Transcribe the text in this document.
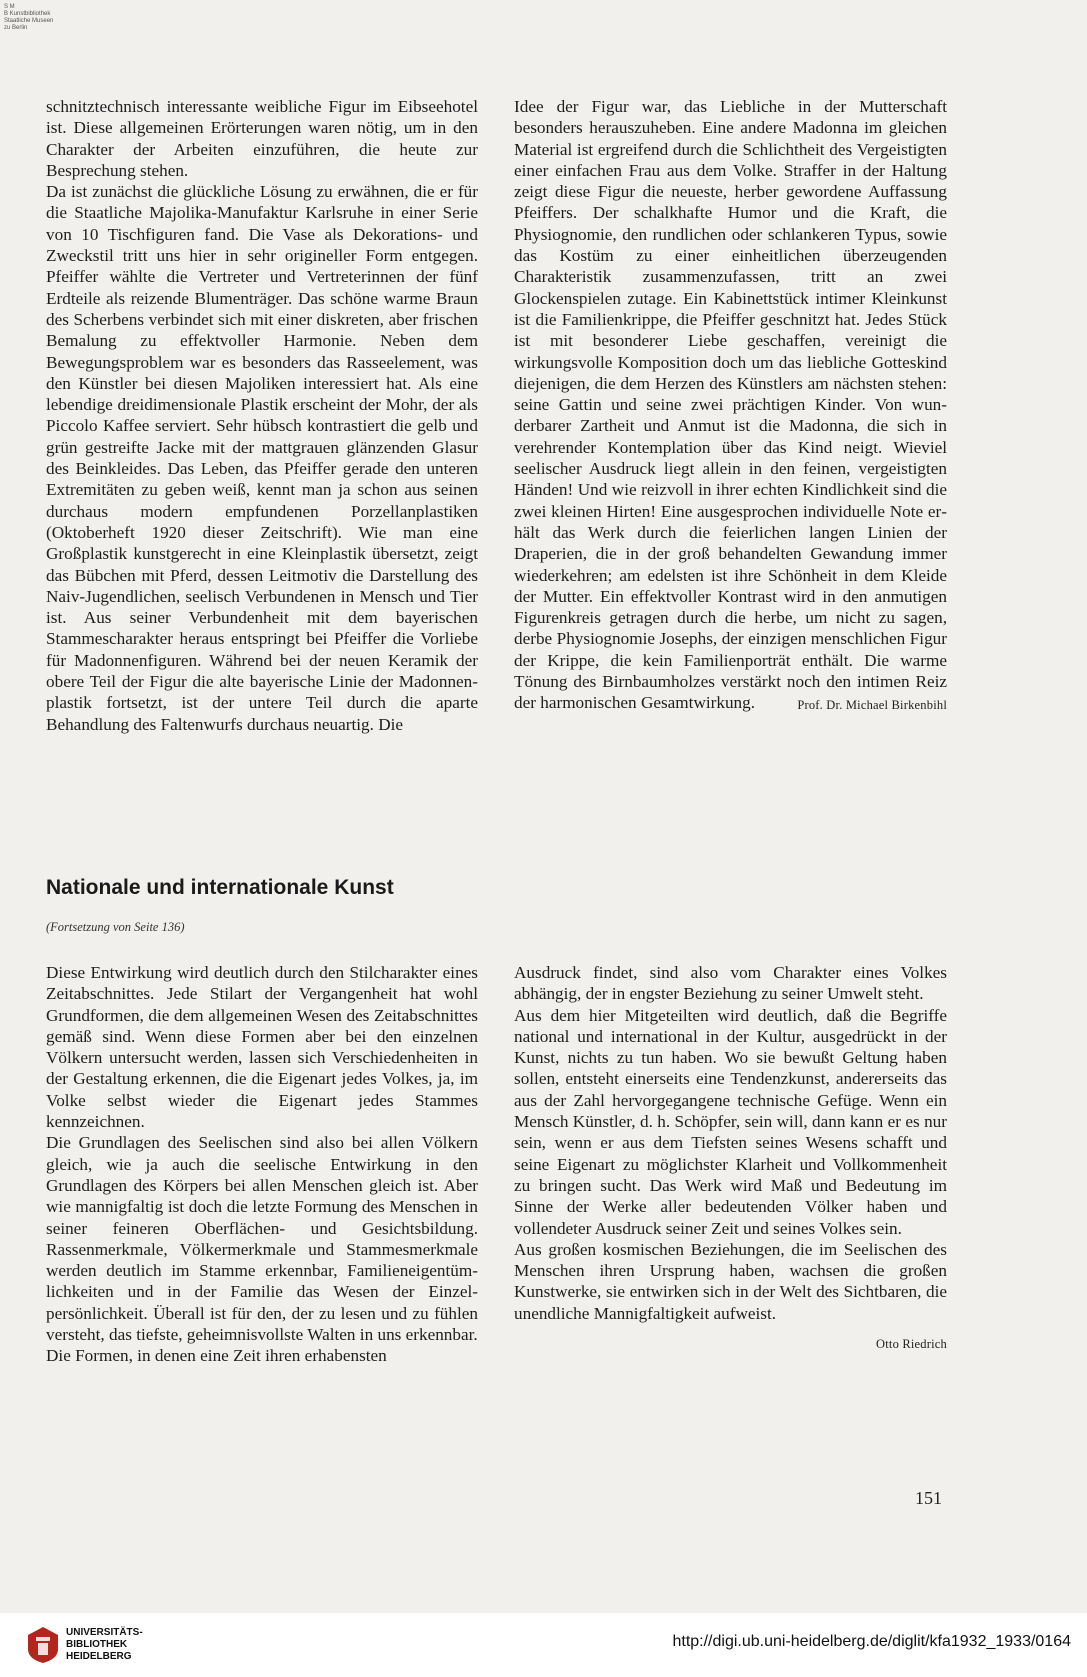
S M
B Kunstbibliothek
Staatliche Museen
zu Berlin

schnitztechnisch interessante weibliche Figur im Eibseehotel ist. Diese allgemeinen Erörterungen waren nötig, um in den Charakter der Arbeiten einzuführen, die heute zur Besprechung stehen.

Da ist zunächst die glückliche Lösung zu erwähnen, die er für die Staatliche Majolika-Manufaktur Karlsruhe in einer Serie von 10 Tischfiguren fand. Die Vase als Dekorations- und Zweckstil tritt uns hier in sehr origineller Form entgegen. Pfeiffer wählte die Vertreter und Vertreterinnen der fünf Erdteile als reizende Blumenträger. Das schöne warme Braun des Scherbens verbindet sich mit einer diskreten, aber frischen Bemalung zu effektvoller Harmonie. Neben dem Bewegungsproblem war es besonders das Rasseelement, was den Künstler bei diesen Majoliken interessiert hat. Als eine lebendige dreidimensionale Plastik erscheint der Mohr, der als Piccolo Kaffee serviert. Sehr hübsch kontrastiert die gelb und grün gestreifte Jacke mit der mattgrauen glänzenden Glasur des Beinkleides. Das Leben, das Pfeiffer gerade den unteren Extremitäten zu geben weiß, kennt man ja schon aus seinen durchaus modern empfundenen Porzellanplastiken (Oktoberheft 1920 dieser Zeitschrift). Wie man eine Großplastik kunstgerecht in eine Kleinplastik übersetzt, zeigt das Bübchen mit Pferd, dessen Leitmotiv die Darstellung des Naiv-Jugendlichen, seelisch Verbundenen in Mensch und Tier ist. Aus seiner Verbundenheit mit dem bayerischen Stammescharakter heraus entspringt bei Pfeiffer die Vorliebe für Madonnenfiguren. Während bei der neuen Keramik der obere Teil der Figur die alte bayerische Linie der Madonnenplastik fortsetzt, ist der untere Teil durch die aparte Behandlung des Faltenwurfs durchaus neuartig. Die

Idee der Figur war, das Liebliche in der Mutterschaft besonders herauszuheben. Eine andere Madonna im gleichen Material ist ergreifend durch die Schlichtheit des Vergeistigten einer einfachen Frau aus dem Volke. Straffer in der Haltung zeigt diese Figur die neueste, herber gewordene Auffassung Pfeiffers. Der schalkhafte Humor und die Kraft, die Physiognomie, den rundlichen oder schlankeren Typus, sowie das Kostüm zu einer einheitlichen überzeugenden Charakteristik zusammenzufassen, tritt an zwei Glockenspielen zutage. Ein Kabinettstück intimer Kleinkunst ist die Familienkrippe, die Pfeiffer geschnitzt hat. Jedes Stück ist mit besonderer Liebe geschaffen, vereinigt die wirkungsvolle Komposition doch um das liebliche Gotteskind diejenigen, die dem Herzen des Künstlers am nächsten stehen: seine Gattin und seine zwei prächtigen Kinder. Von wunderbarer Zartheit und Anmut ist die Madonna, die sich in verehrender Kontemplation über das Kind neigt. Wieviel seelischer Ausdruck liegt allein in den feinen, vergeistigten Händen! Und wie reizvoll in ihrer echten Kindlichkeit sind die zwei kleinen Hirten! Eine ausgesprochen individuelle Note erhält das Werk durch die feierlichen langen Linien der Draperien, die in der groß behandelten Gewandung immer wiederkehren; am edelsten ist ihre Schönheit in dem Kleide der Mutter. Ein effektvoller Kontrast wird in den anmutigen Figurenkreis getragen durch die herbe, um nicht zu sagen, derbe Physiognomie Josephs, der einzigen menschlichen Figur der Krippe, die kein Familienporträt enthält. Die warme Tönung des Birnbaumholzes verstärkt noch den intimen Reiz der harmonischen Gesamtwirkung.	Prof. Dr. Michael Birkenbihl

Nationale und internationale Kunst

(Fortsetzung von Seite 136)

Diese Entwirkung wird deutlich durch den Stilcharakter eines Zeitabschnittes. Jede Stilart der Vergangenheit hat wohl Grundformen, die dem allgemeinen Wesen des Zeitabschnittes gemäß sind. Wenn diese Formen aber bei den einzelnen Völkern untersucht werden, lassen sich Verschiedenheiten in der Gestaltung erkennen, die die Eigenart jedes Volkes, ja, im Volke selbst wieder die Eigenart jedes Stammes kennzeichnen.

Die Grundlagen des Seelischen sind also bei allen Völkern gleich, wie ja auch die seelische Entwirkung in den Grundlagen des Körpers bei allen Menschen gleich ist. Aber wie mannigfaltig ist doch die letzte Formung des Menschen in seiner feineren Oberflächen- und Gesichtsbildung. Rassenmerkmale, Völkermerkmale und Stammesmerkmale werden deutlich im Stamme erkennbar, Familieneigentümlichkeiten und in der Familie das Wesen der Einzelpersönlichkeit. Überall ist für den, der zu lesen und zu fühlen versteht, das tiefste, geheimnisvollste Walten in uns erkennbar.

Die Formen, in denen eine Zeit ihren erhabensten

Ausdruck findet, sind also vom Charakter eines Volkes abhängig, der in engster Beziehung zu seiner Umwelt steht.

Aus dem hier Mitgeteilten wird deutlich, daß die Begriffe national und international in der Kultur, ausgedrückt in der Kunst, nichts zu tun haben. Wo sie bewußt Geltung haben sollen, entsteht einerseits eine Tendenzkunst, andererseits das aus der Zahl hervorgegangene technische Gefüge. Wenn ein Mensch Künstler, d. h. Schöpfer, sein will, dann kann er es nur sein, wenn er aus dem Tiefsten seines Wesens schafft und seine Eigenart zu möglichster Klarheit und Vollkommenheit zu bringen sucht. Das Werk wird Maß und Bedeutung im Sinne der Werke aller bedeutenden Völker haben und vollendeter Ausdruck seiner Zeit und seines Volkes sein.

Aus großen kosmischen Beziehungen, die im Seelischen des Menschen ihren Ursprung haben, wachsen die großen Kunstwerke, sie entwirken sich in der Welt des Sichtbaren, die unendliche Mannigfaltigkeit aufweist.

Otto Riedrich
151
UNIVERSITÄTS-
BIBLIOTHEK
HEIDELBERG
http://digi.ub.uni-heidelberg.de/diglit/kfa1932_1933/0164
